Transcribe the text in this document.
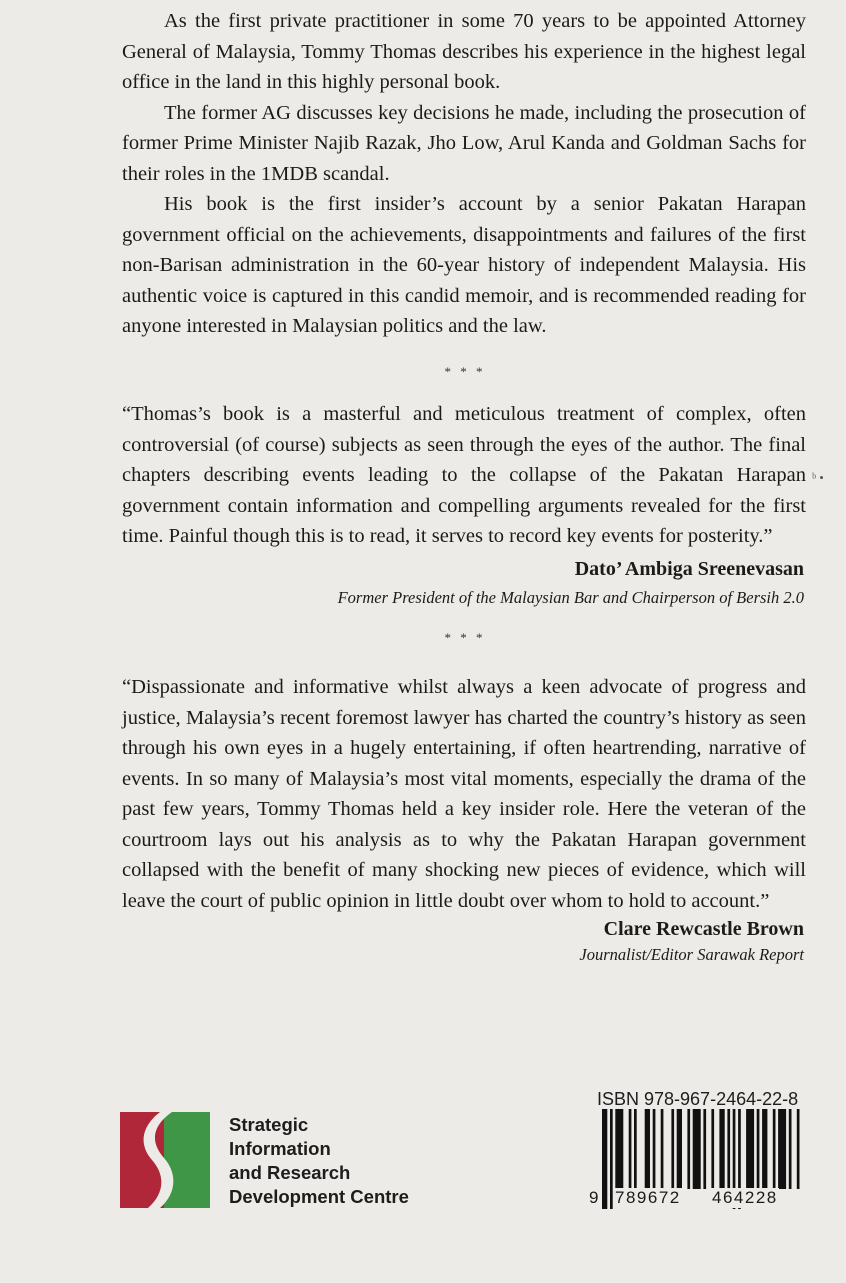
As the first private practitioner in some 70 years to be appointed Attorney General of Malaysia, Tommy Thomas describes his experience in the highest legal office in the land in this highly personal book.

The former AG discusses key decisions he made, including the prosecution of former Prime Minister Najib Razak, Jho Low, Arul Kanda and Goldman Sachs for their roles in the 1MDB scandal.

His book is the first insider’s account by a senior Pakatan Harapan government official on the achievements, disappointments and failures of the first non-Barisan administration in the 60-year history of independent Malaysia. His authentic voice is captured in this candid memoir, and is recommended reading for anyone interested in Malaysian politics and the law.

* * *

“Thomas’s book is a masterful and meticulous treatment of complex, often controversial (of course) subjects as seen through the eyes of the author. The final chapters describing events leading to the collapse of the Pakatan Harapan government contain information and compelling arguments revealed for the first time. Painful though this is to read, it serves to record key events for posterity.”

Dato’ Ambiga Sreenevasan
Former President of the Malaysian Bar and Chairperson of Bersih 2.0
ᵇ •
* * *

“Dispassionate and informative whilst always a keen advocate of progress and justice, Malaysia’s recent foremost lawyer has charted the country’s history as seen through his own eyes in a hugely entertaining, if often heartrending, narrative of events. In so many of Malaysia’s most vital moments, especially the drama of the past few years, Tommy Thomas held a key insider role. Here the veteran of the courtroom lays out his analysis as to why the Pakatan Harapan government collapsed with the benefit of many shocking new pieces of evidence, which will leave the court of public opinion in little doubt over whom to hold to account.”

Clare Rewcastle Brown
Journalist/Editor Sarawak Report
Strategic
Information
and Research
Development Centre
ISBN 978-967-2464-22-8
9 789672 464228
